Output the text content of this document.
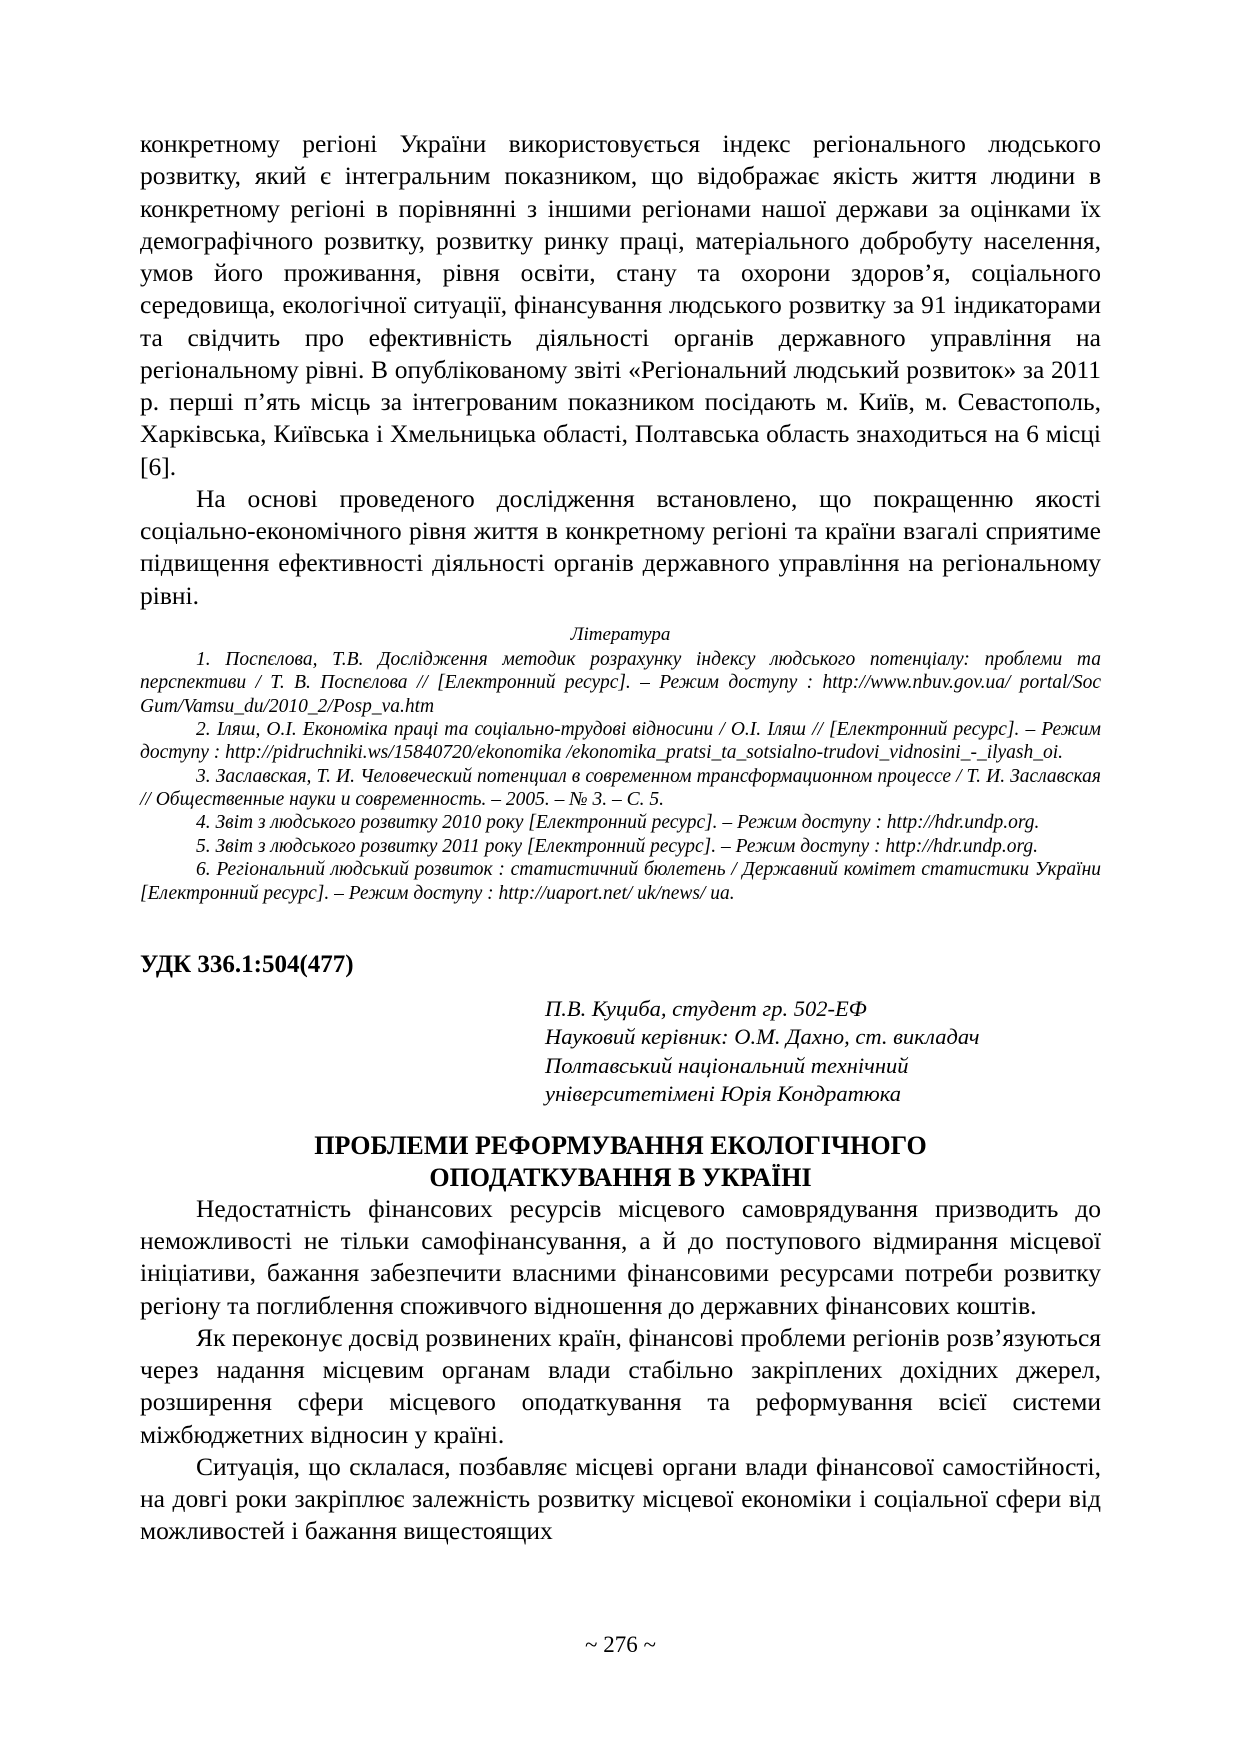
конкретному регіоні України використовується індекс регіонального людського розвитку, який є інтегральним показником, що відображає якість життя людини в конкретному регіоні в порівнянні з іншими регіонами нашої держави за оцінками їх демографічного розвитку, розвитку ринку праці, матеріального добробуту населення, умов його проживання, рівня освіти, стану та охорони здоров’я, соціального середовища, екологічної ситуації, фінансування людського розвитку за 91 індикаторами та свідчить про ефективність діяльності органів державного управління на регіональному рівні. В опублікованому звіті «Регіональний людський розвиток» за 2011 р. перші п’ять місць за інтегрованим показником посідають м. Київ, м. Севастополь, Харківська, Київська і Хмельницька області, Полтавська область знаходиться на 6 місці [6].

На основі проведеного дослідження встановлено, що покращенню якості соціально-економічного рівня життя в конкретному регіоні та країни взагалі сприятиме підвищення ефективності діяльності органів державного управління на регіональному рівні.

Література

1. Поспєлова, Т.В. Дослідження методик розрахунку індексу людського потенціалу: проблеми та перспективи / Т. В. Поспєлова // [Електронний ресурс]. – Режим доступу : http://www.nbuv.gov.ua/ portal/Soc Gum/Vamsu_du/2010_2/Posp_va.htm

2. Іляш, О.І. Економіка праці та соціально-трудові відносини / О.І. Іляш // [Електронний ресурс]. – Режим доступу : http://pidruchniki.ws/15840720/ekonomika /ekonomika_pratsi_ta_sotsialno-trudovi_vidnosini_-_ilyash_oi.

3. Заславская, Т. И. Человеческий потенциал в современном трансформационном процессе / Т. И. Заславская // Общественные науки и современность. – 2005. – № 3. – С. 5.

4. Звіт з людського розвитку 2010 року [Електронний ресурс]. – Режим доступу : http://hdr.undp.org.

5. Звіт з людського розвитку 2011 року [Електронний ресурс]. – Режим доступу : http://hdr.undp.org.

6. Регіональний людський розвиток : статистичний бюлетень / Державний комітет статистики України [Електронний ресурс]. – Режим доступу : http://uaport.net/ uk/news/ ua.

УДК 336.1:504(477)
П.В. Куциба, студент гр. 502-ЕФ
Науковий керівник: О.М. Дахно, ст. викладач
Полтавський національний технічний
університетімені Юрія Кондратюка
ПРОБЛЕМИ РЕФОРМУВАННЯ ЕКОЛОГІЧНОГО
ОПОДАТКУВАННЯ В УКРАЇНІ

Недостатність фінансових ресурсів місцевого самоврядування призводить до неможливості не тільки самофінансування, а й до поступового відмирання місцевої ініціативи, бажання забезпечити власними фінансовими ресурсами потреби розвитку регіону та поглиблення споживчого відношення до державних фінансових коштів.

Як переконує досвід розвинених країн, фінансові проблеми регіонів розв’язуються через надання місцевим органам влади стабільно закріплених дохідних джерел, розширення сфери місцевого оподаткування та реформування всієї системи міжбюджетних відносин у країні.

Ситуація, що склалася, позбавляє місцеві органи влади фінансової самостійності, на довгі роки закріплює залежність розвитку місцевої економіки і соціальної сфери від можливостей і бажання вищестоящих

~ 276 ~
